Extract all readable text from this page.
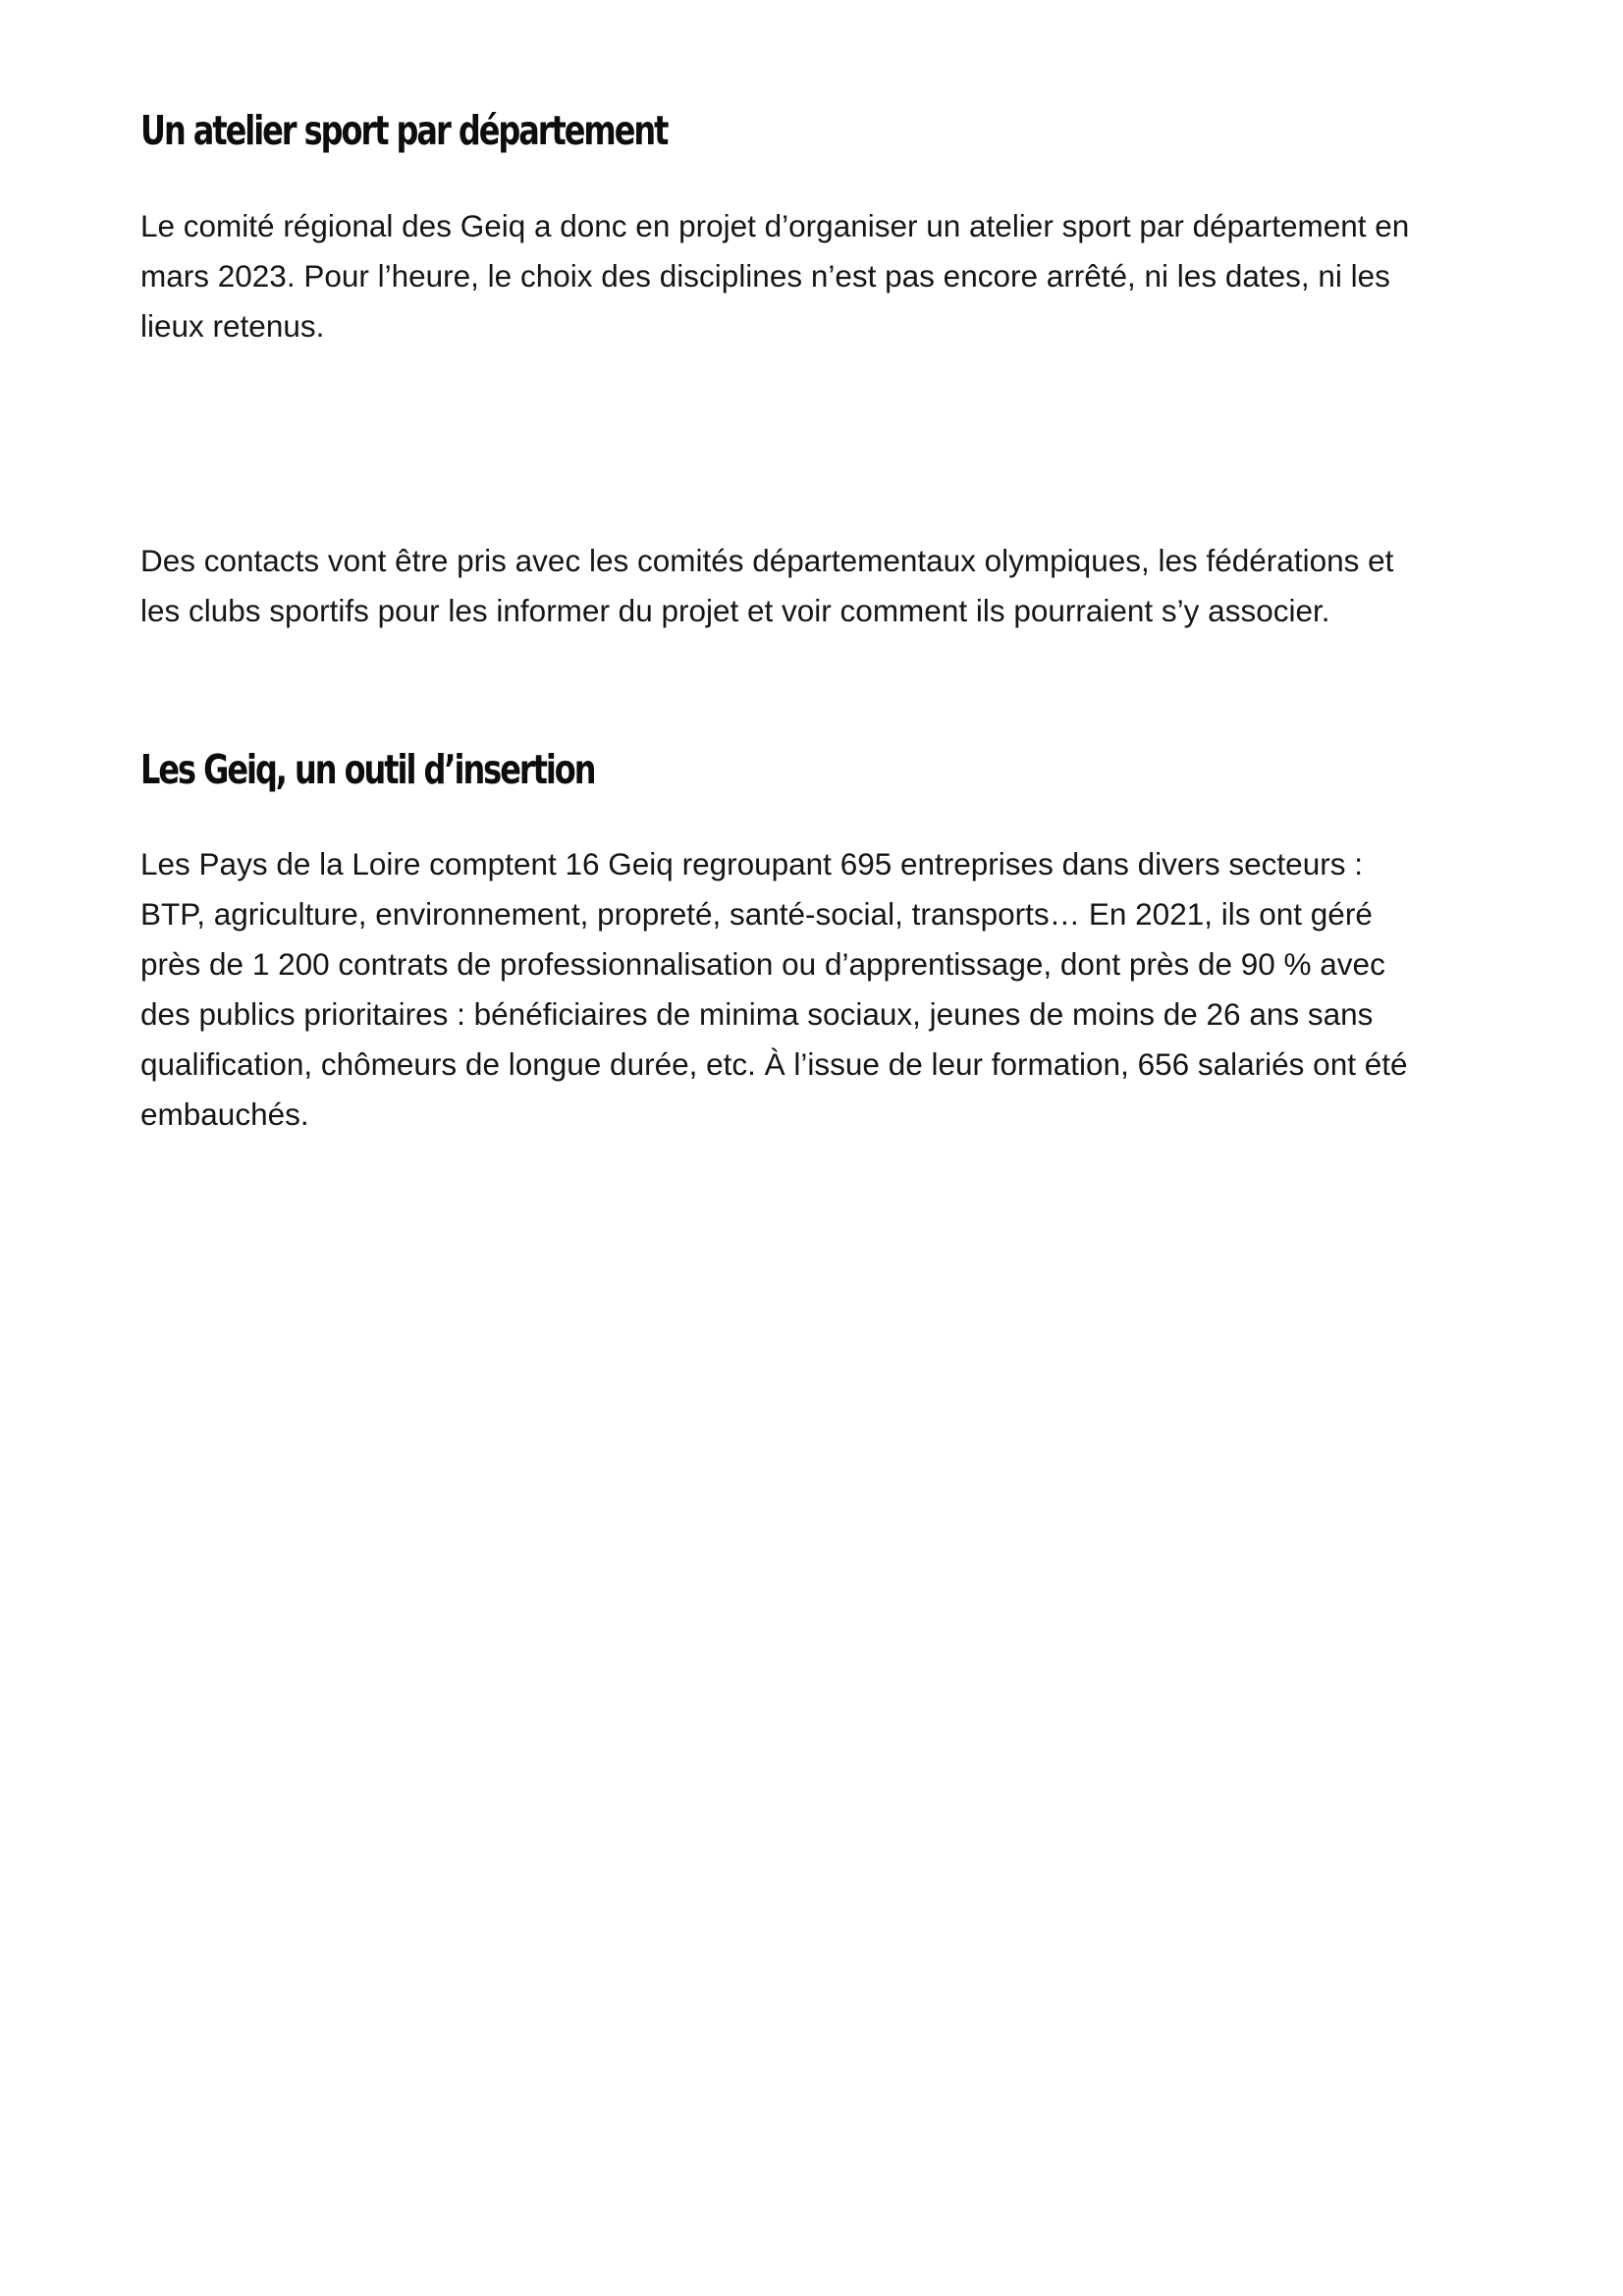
Un atelier sport par département

Le comité régional des Geiq a donc en projet d’organiser un atelier sport par département en
mars 2023. Pour l’heure, le choix des disciplines n’est pas encore arrêté, ni les dates, ni les
lieux retenus.

Des contacts vont être pris avec les comités départementaux olympiques, les fédérations et
les clubs sportifs pour les informer du projet et voir comment ils pourraient s’y associer.

Les Geiq, un outil d’insertion

Les Pays de la Loire comptent 16 Geiq regroupant 695 entreprises dans divers secteurs :
BTP, agriculture, environnement, propreté, santé-social, transports… En 2021, ils ont géré
près de 1 200 contrats de professionnalisation ou d’apprentissage, dont près de 90 % avec
des publics prioritaires : bénéficiaires de minima sociaux, jeunes de moins de 26 ans sans
qualification, chômeurs de longue durée, etc. À l’issue de leur formation, 656 salariés ont été
embauchés.
